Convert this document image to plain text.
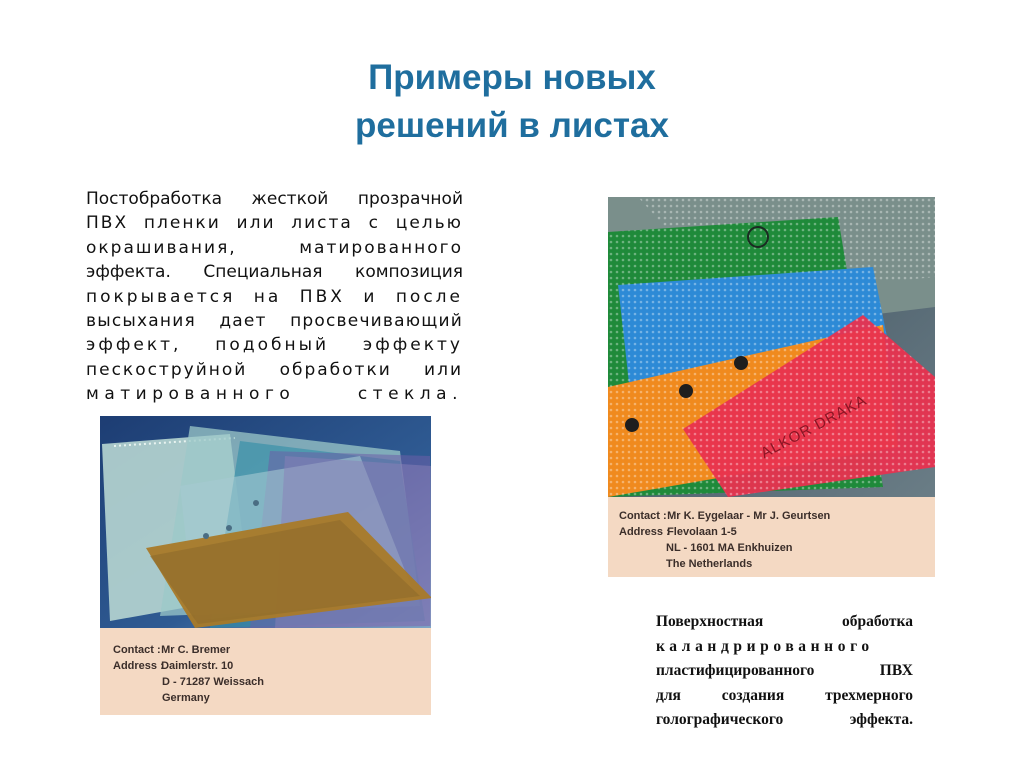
Примеры новых
решений в листах

Постобработка жесткой прозрачной
ПВХ пленки или листа с целью
окрашивания, матированного
эффекта. Специальная композиция
покрывается на ПВХ и после
высыхания дает просвечивающий
эффект, подобный эффекту
пескоструйной обработки или
матированного стекла.

Contact : Mr C. Bremer
Address : Daimlerstr. 10
D - 71287 Weissach
Germany
ALKOR DRAKA
Contact : Mr K. Eygelaar - Mr J. Geurtsen
Address : Flevolaan 1-5
NL - 1601 MA Enkhuizen
The Netherlands

Поверхностная обработка
каландрированного
пластифицированного ПВХ
для создания трехмерного
голографического эффекта.
